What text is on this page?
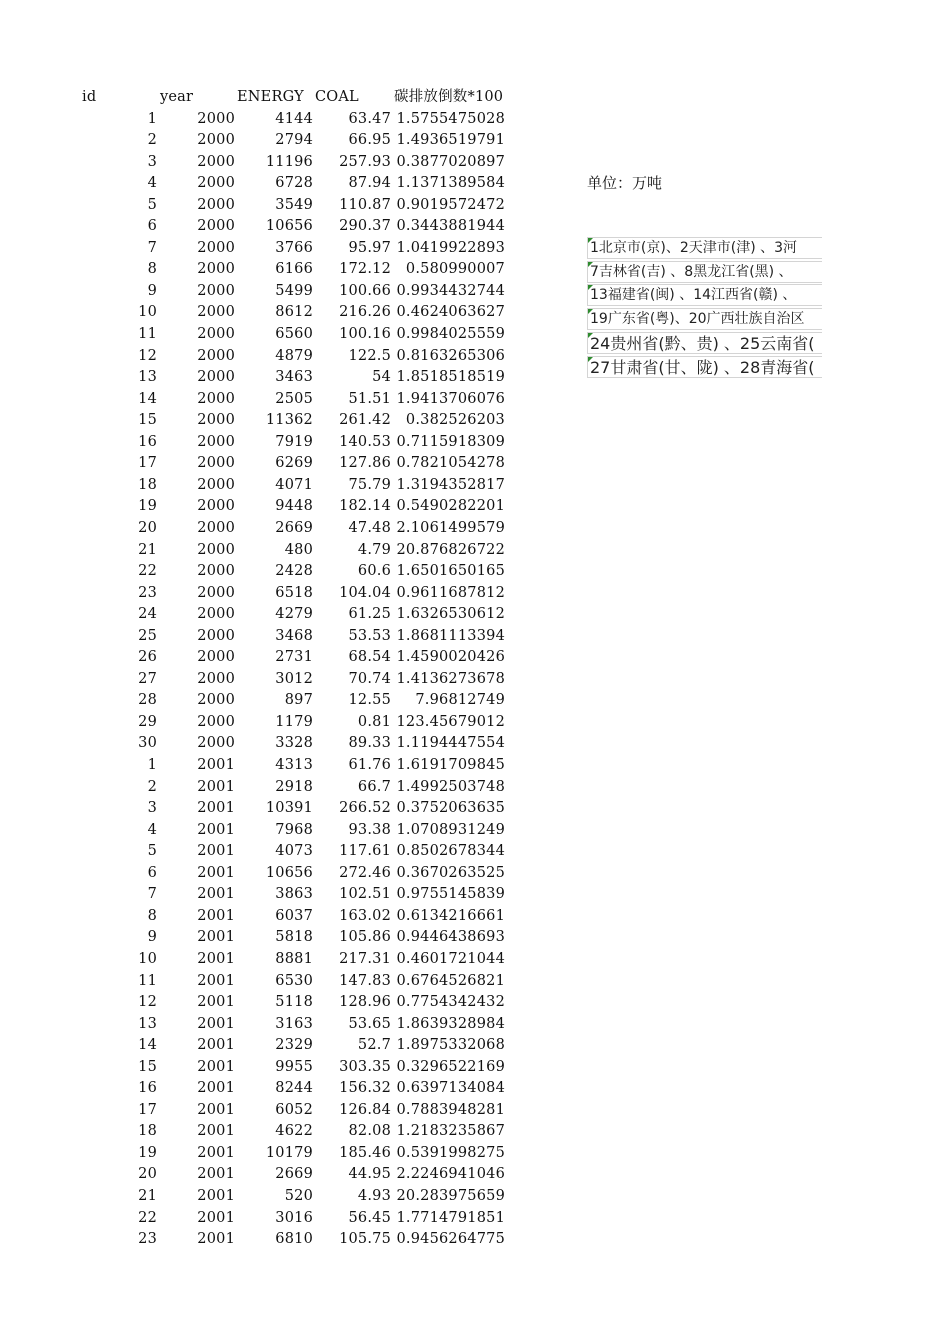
id	year	ENERGY COAL 碳排放倒数*100
1	2000	4144	63.47 1.5755475028
2	2000	2794	66.95 1.4936519791
3	2000	11196	257.93 0.3877020897
4	2000	6728	87.94 1.1371389584
5	2000	3549	110.87 0.9019572472
6	2000	10656	290.37 0.3443881944
7	2000	3766	95.97 1.0419922893
8	2000	6166	172.12	0.580990007
9	2000	5499	100.66 0.9934432744
10	2000	8612	216.26 0.4624063627
11	2000	6560	100.16 0.9984025559
12	2000	4879	122.5 0.8163265306
13	2000	3463	54 1.8518518519
14	2000	2505	51.51 1.9413706076
15	2000	11362	261.42	0.382526203
16	2000	7919	140.53 0.7115918309
17	2000	6269	127.86 0.7821054278
18	2000	4071	75.79 1.3194352817
19	2000	9448	182.14 0.5490282201
20	2000	2669	47.48 2.1061499579
21	2000	480	4.79 20.876826722
22	2000	2428	60.6 1.6501650165
23	2000	6518	104.04 0.9611687812
24	2000	4279	61.25 1.6326530612
25	2000	3468	53.53 1.8681113394
26	2000	2731	68.54 1.4590020426
27	2000	3012	70.74 1.4136273678
28	2000	897	12.55	7.96812749
29	2000	1179	0.81 123.45679012
30	2000	3328	89.33 1.1194447554
1	2001	4313	61.76 1.6191709845
2	2001	2918	66.7 1.4992503748
3	2001	10391	266.52 0.3752063635
4	2001	7968	93.38 1.0708931249
5	2001	4073	117.61 0.8502678344
6	2001	10656	272.46 0.3670263525
7	2001	3863	102.51 0.9755145839
8	2001	6037	163.02 0.6134216661
9	2001	5818	105.86 0.9446438693
10	2001	8881	217.31 0.4601721044
11	2001	6530	147.83 0.6764526821
12	2001	5118	128.96 0.7754342432
13	2001	3163	53.65 1.8639328984
14	2001	2329	52.7 1.8975332068
15	2001	9955	303.35 0.3296522169
16	2001	8244	156.32 0.6397134084
17	2001	6052	126.84 0.7883948281
18	2001	4622	82.08 1.2183235867
19	2001	10179	185.46 0.5391998275
20	2001	2669	44.95 2.2246941046
21	2001	520	4.93 20.283975659
22	2001	3016	56.45 1.7714791851
23	2001	6810	105.75 0.9456264775
单位：万吨
1北京市(京)、2天津市(津) 、3河
7吉林省(吉) 、8黑龙江省(黑) 、
13福建省(闽) 、14江西省(赣) 、
19广东省(粤)、20广西壮族自治区
24贵州省(黔、贵) 、25云南省(
27甘肃省(甘、陇) 、28青海省(
